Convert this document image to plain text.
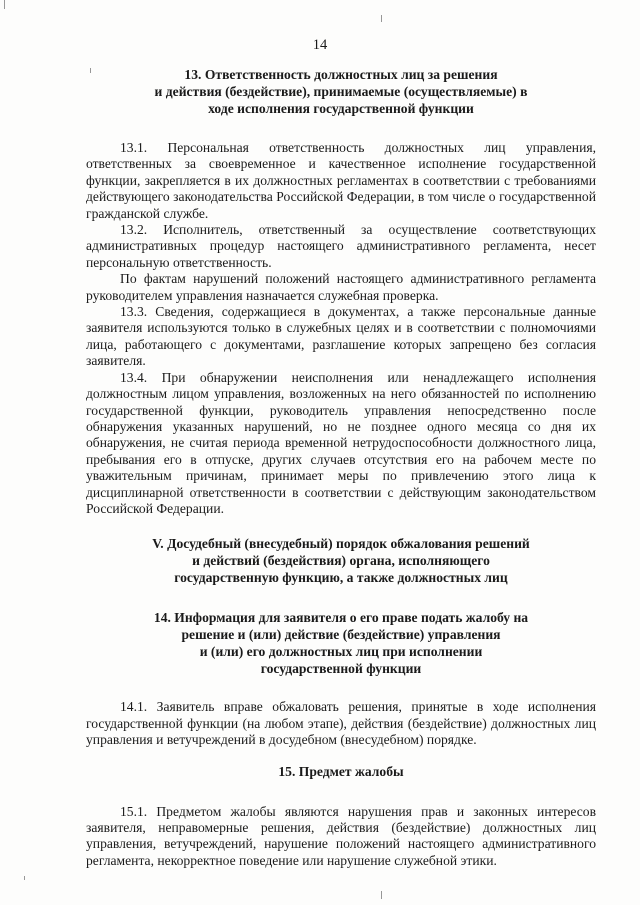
14

13. Ответственность должностных лиц за решения
и действия (бездействие), принимаемые (осуществляемые) в
ходе исполнения государственной функции

13.1. Персональная ответственность должностных лиц управления, ответственных за своевременное и качественное исполнение государственной функции, закрепляется в их должностных регламентах в соответствии с требованиями действующего законодательства Российской Федерации, в том числе о государственной гражданской службе.

13.2. Исполнитель, ответственный за осуществление соответствующих административных процедур настоящего административного регламента, несет персональную ответственность.

По фактам нарушений положений настоящего административного регламента руководителем управления назначается служебная проверка.

13.3. Сведения, содержащиеся в документах, а также персональные данные заявителя используются только в служебных целях и в соответствии с полномочиями лица, работающего с документами, разглашение которых запрещено без согласия заявителя.

13.4. При обнаружении неисполнения или ненадлежащего исполнения должностным лицом управления, возложенных на него обязанностей по исполнению государственной функции, руководитель управления непосредственно после обнаружения указанных нарушений, но не позднее одного месяца со дня их обнаружения, не считая периода временной нетрудоспособности должностного лица, пребывания его в отпуске, других случаев отсутствия его на рабочем месте по уважительным причинам, принимает меры по привлечению этого лица к дисциплинарной ответственности в соответствии с действующим законодательством Российской Федерации.

V. Досудебный (внесудебный) порядок обжалования решений
и действий (бездействия) органа, исполняющего
государственную функцию, а также должностных лиц

14. Информация для заявителя о его праве подать жалобу на
решение и (или) действие (бездействие) управления
и (или) его должностных лиц при исполнении
государственной функции

14.1. Заявитель вправе обжаловать решения, принятые в ходе исполнения государственной функции (на любом этапе), действия (бездействие) должностных лиц управления и ветучреждений в досудебном (внесудебном) порядке.

15. Предмет жалобы

15.1. Предметом жалобы являются нарушения прав и законных интересов заявителя, неправомерные решения, действия (бездействие) должностных лиц управления, ветучреждений, нарушение положений настоящего административного регламента, некорректное поведение или нарушение служебной этики.
